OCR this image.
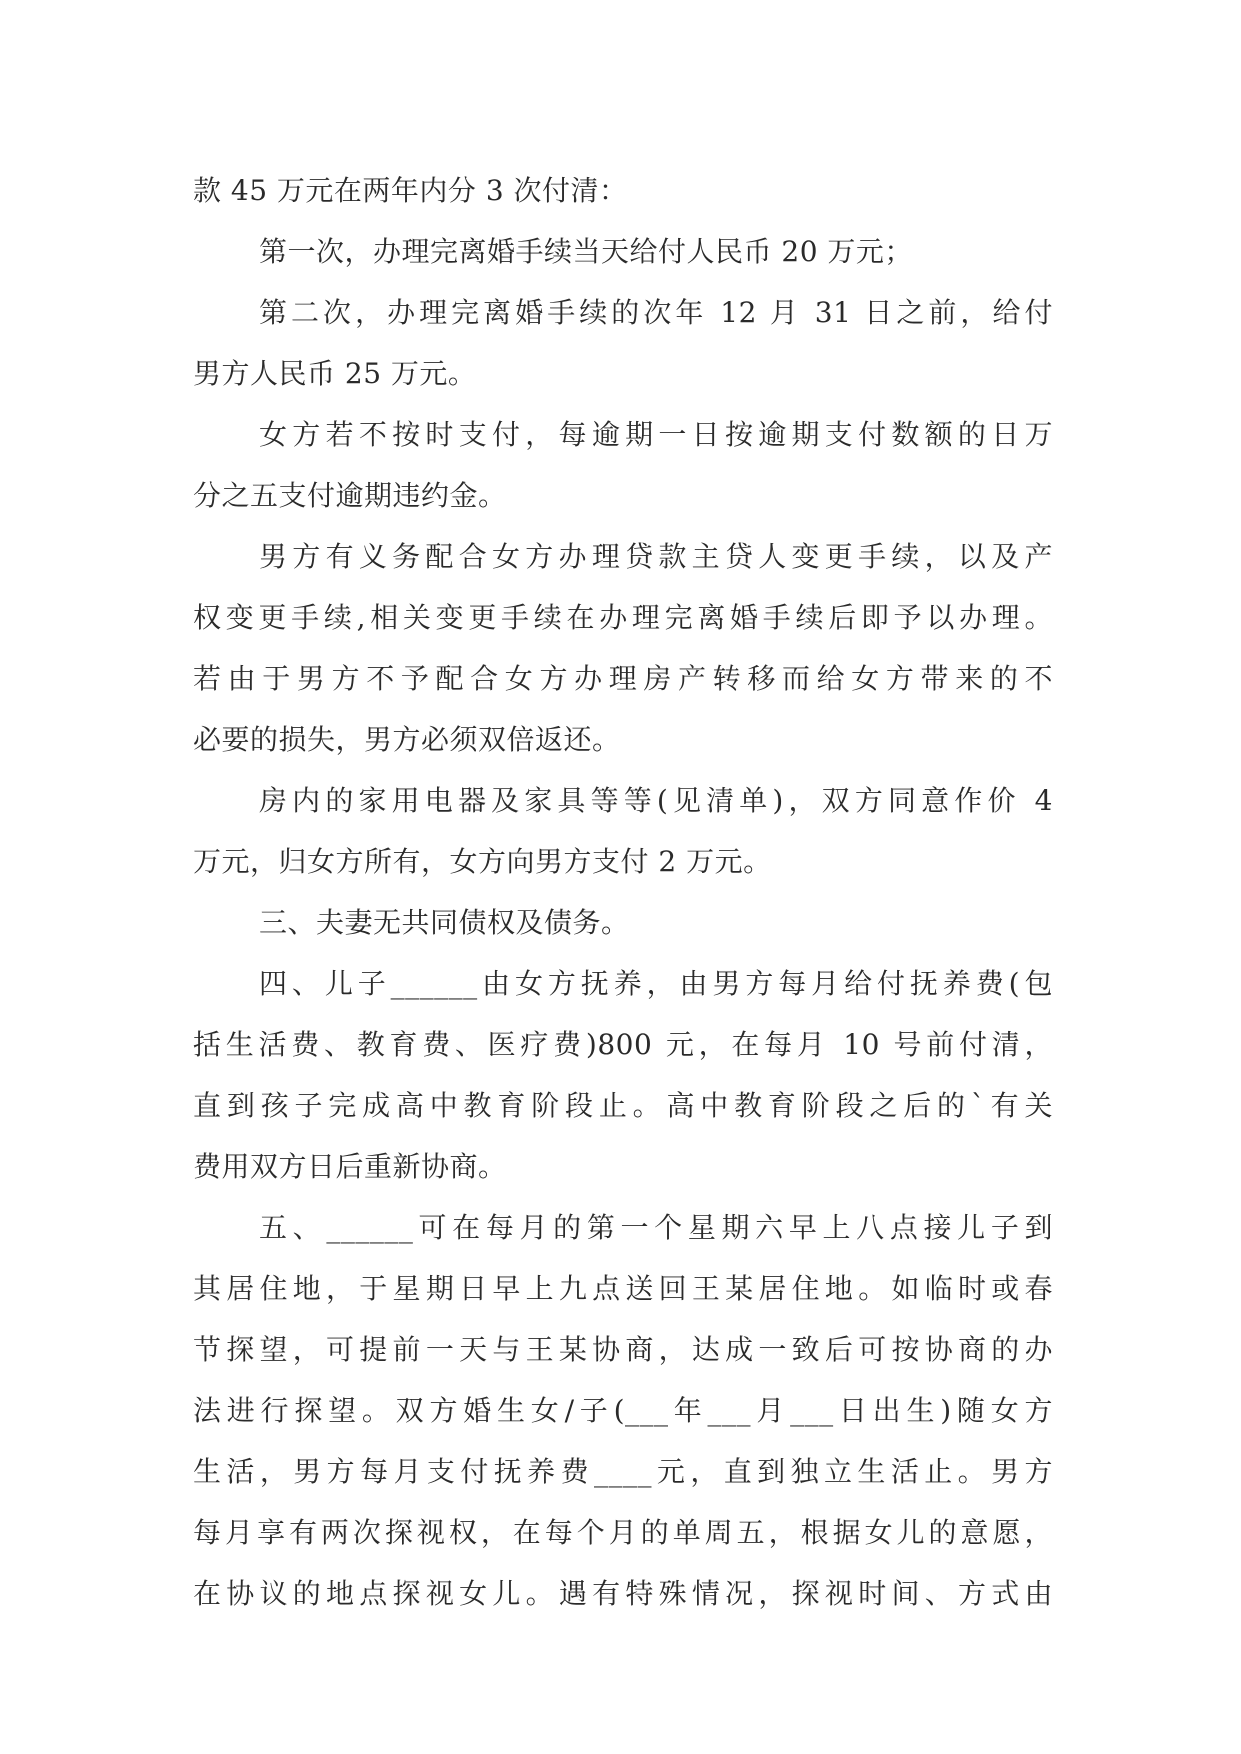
款 45 万元在两年内分 3 次付清：
第一次，办理完离婚手续当天给付人民币 20 万元；
第二次，办理完离婚手续的次年 12 月 31 日之前，给付
男方人民币 25 万元。
女方若不按时支付，每逾期一日按逾期支付数额的日万
分之五支付逾期违约金。
男方有义务配合女方办理贷款主贷人变更手续，以及产
权变更手续,相关变更手续在办理完离婚手续后即予以办理。
若由于男方不予配合女方办理房产转移而给女方带来的不
必要的损失，男方必须双倍返还。
房内的家用电器及家具等等(见清单)，双方同意作价 4
万元，归女方所有，女方向男方支付 2 万元。
三、夫妻无共同债权及债务。
四、儿子______由女方抚养，由男方每月给付抚养费(包
括生活费、教育费、医疗费)800 元，在每月 10 号前付清，
直到孩子完成高中教育阶段止。高中教育阶段之后的`有关
费用双方日后重新协商。
五、______可在每月的第一个星期六早上八点接儿子到
其居住地，于星期日早上九点送回王某居住地。如临时或春
节探望，可提前一天与王某协商，达成一致后可按协商的办
法进行探望。双方婚生女/子(___年___月___日出生)随女方
生活，男方每月支付抚养费____元，直到独立生活止。男方
每月享有两次探视权，在每个月的单周五，根据女儿的意愿，
在协议的地点探视女儿。遇有特殊情况，探视时间、方式由
